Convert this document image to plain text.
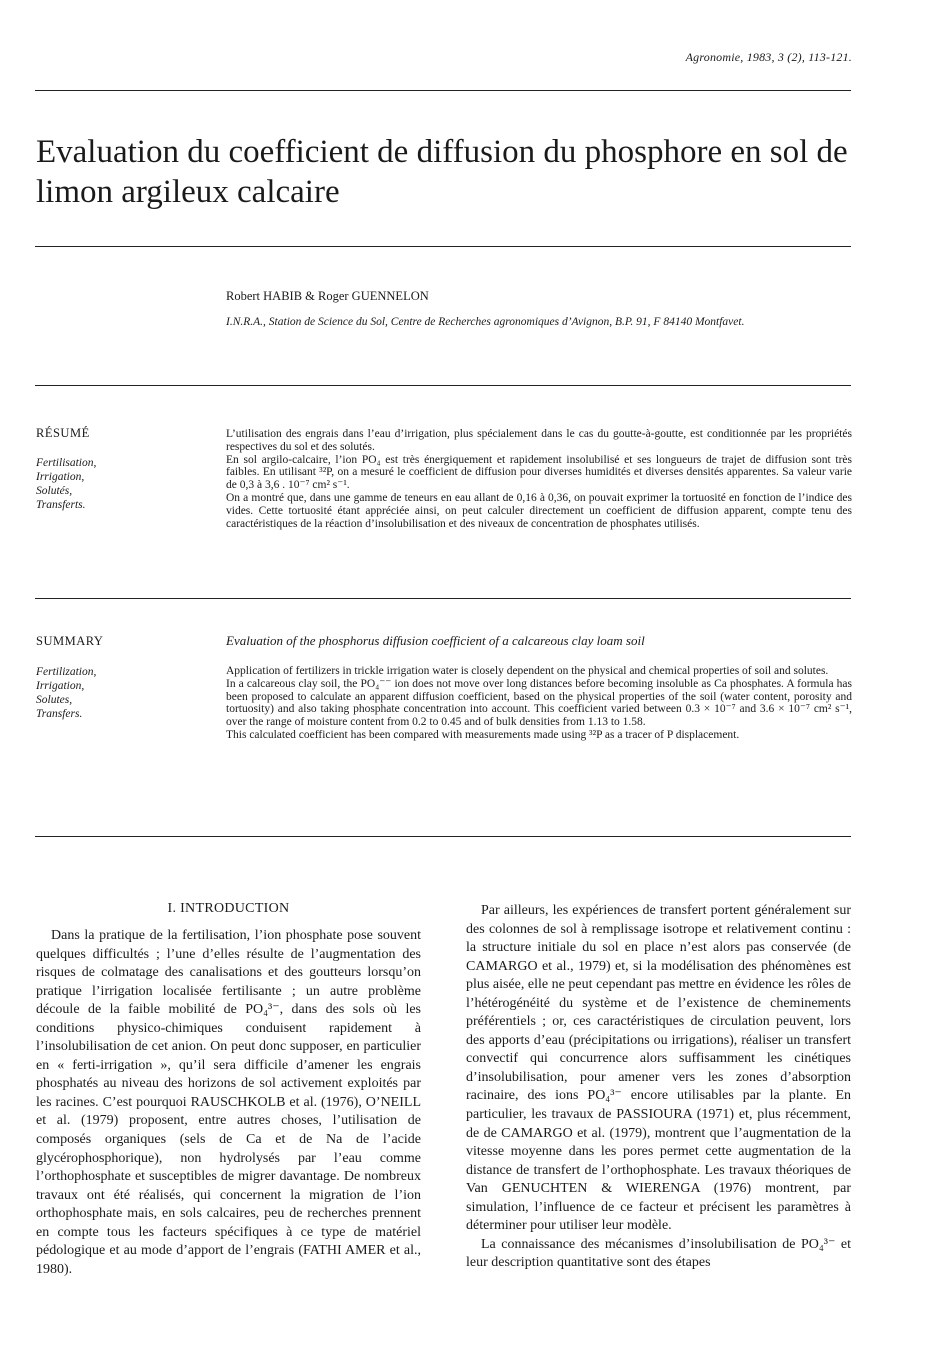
Agronomie, 1983, 3 (2), 113-121.
Evaluation du coefficient de diffusion du phosphore en sol de limon argileux calcaire
Robert HABIB & Roger GUENNELON
I.N.R.A., Station de Science du Sol, Centre de Recherches agronomiques d’Avignon, B.P. 91, F 84140 Montfavet.
RÉSUMÉ
Fertilisation,
Irrigation,
Solutés,
Transferts.

L’utilisation des engrais dans l’eau d’irrigation, plus spécialement dans le cas du goutte-à-goutte, est conditionnée par les propriétés respectives du sol et des solutés.

En sol argilo-calcaire, l’ion PO₄ est très énergiquement et rapidement insolubilisé et ses longueurs de trajet de diffusion sont très faibles. En utilisant ³²P, on a mesuré le coefficient de diffusion pour diverses humidités et diverses densités apparentes. Sa valeur varie de 0,3 à 3,6 . 10⁻⁷ cm² s⁻¹.

On a montré que, dans une gamme de teneurs en eau allant de 0,16 à 0,36, on pouvait exprimer la tortuosité en fonction de l’indice des vides. Cette tortuosité étant appréciée ainsi, on peut calculer directement un coefficient de diffusion apparent, compte tenu des caractéristiques de la réaction d’insolubilisation et des niveaux de concentration de phosphates utilisés.

SUMMARY	Evaluation of the phosphorus diffusion coefficient of a calcareous clay loam soil
Fertilization,
Irrigation,
Solutes,
Transfers.

Application of fertilizers in trickle irrigation water is closely dependent on the physical and chemical properties of soil and solutes.

In a calcareous clay soil, the PO₄⁻⁻ ion does not move over long distances before becoming insoluble as Ca phosphates. A formula has been proposed to calculate an apparent diffusion coefficient, based on the physical properties of the soil (water content, porosity and tortuosity) and also taking phosphate concentration into account. This coefficient varied between 0.3 × 10⁻⁷ and 3.6 × 10⁻⁷ cm² s⁻¹, over the range of moisture content from 0.2 to 0.45 and of bulk densities from 1.13 to 1.58.

This calculated coefficient has been compared with measurements made using ³²P as a tracer of P displacement.

I. INTRODUCTION

Dans la pratique de la fertilisation, l’ion phosphate pose souvent quelques difficultés ; l’une d’elles résulte de l’augmentation des risques de colmatage des canalisations et des goutteurs lorsqu’on pratique l’irrigation localisée fertilisante ; un autre problème découle de la faible mobilité de PO₄³⁻, dans des sols où les conditions physico-chimiques conduisent rapidement à l’insolubilisation de cet anion. On peut donc supposer, en particulier en « ferti-irrigation », qu’il sera difficile d’amener les engrais phosphatés au niveau des horizons de sol activement exploités par les racines. C’est pourquoi RAUSCHKOLB et al. (1976), O’NEILL et al. (1979) proposent, entre autres choses, l’utilisation de composés organiques (sels de Ca et de Na de l’acide glycérophosphorique), non hydrolysés par l’eau comme l’orthophosphate et susceptibles de migrer davantage. De nombreux travaux ont été réalisés, qui concernent la migration de l’ion orthophosphate mais, en sols calcaires, peu de recherches prennent en compte tous les facteurs spécifiques à ce type de matériel pédologique et au mode d’apport de l’engrais (FATHI AMER et al., 1980).

Par ailleurs, les expériences de transfert portent généralement sur des colonnes de sol à remplissage isotrope et relativement continu : la structure initiale du sol en place n’est alors pas conservée (de CAMARGO et al., 1979) et, si la modélisation des phénomènes est plus aisée, elle ne peut cependant pas mettre en évidence les rôles de l’hétérogénéité du système et de l’existence de cheminements préférentiels ; or, ces caractéristiques de circulation peuvent, lors des apports d’eau (précipitations ou irrigations), réaliser un transfert convectif qui concurrence alors suffisamment les cinétiques d’insolubilisation, pour amener vers les zones d’absorption racinaire, des ions PO₄³⁻ encore utilisables par la plante. En particulier, les travaux de PASSIOURA (1971) et, plus récemment, de de CAMARGO et al. (1979), montrent que l’augmentation de la vitesse moyenne dans les pores permet cette augmentation de la distance de transfert de l’orthophosphate. Les travaux théoriques de Van GENUCHTEN & WIERENGA (1976) montrent, par simulation, l’influence de ce facteur et précisent les paramètres à déterminer pour utiliser leur modèle.

La connaissance des mécanismes d’insolubilisation de PO₄³⁻ et leur description quantitative sont des étapes
